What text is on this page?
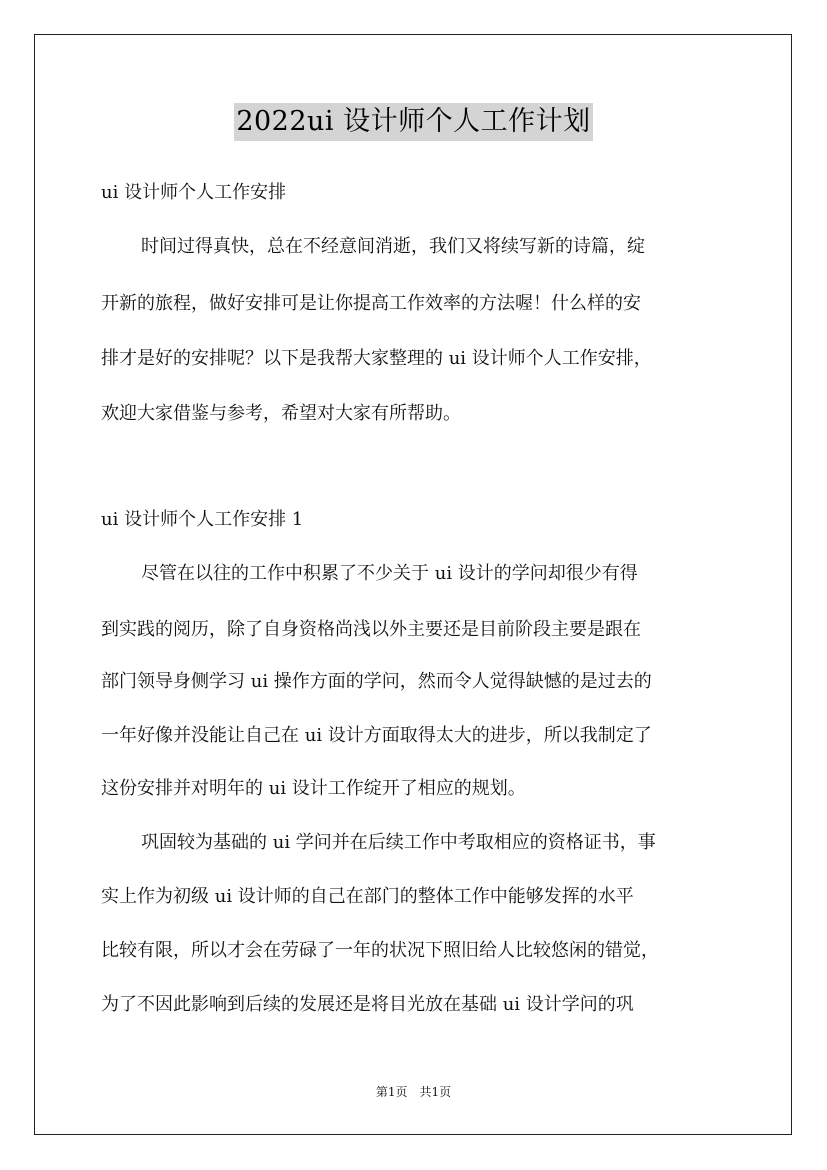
2022ui 设计师个人工作计划
ui 设计师个人工作安排
时间过得真快，总在不经意间消逝，我们又将续写新的诗篇，绽
开新的旅程，做好安排可是让你提高工作效率的方法喔！什么样的安
排才是好的安排呢？以下是我帮大家整理的 ui 设计师个人工作安排，
欢迎大家借鉴与参考，希望对大家有所帮助。
ui 设计师个人工作安排 1
尽管在以往的工作中积累了不少关于 ui 设计的学问却很少有得
到实践的阅历，除了自身资格尚浅以外主要还是目前阶段主要是跟在
部门领导身侧学习 ui 操作方面的学问，然而令人觉得缺憾的是过去的
一年好像并没能让自己在 ui 设计方面取得太大的进步，所以我制定了
这份安排并对明年的 ui 设计工作绽开了相应的规划。
巩固较为基础的 ui 学问并在后续工作中考取相应的资格证书，事
实上作为初级 ui 设计师的自己在部门的整体工作中能够发挥的水平
比较有限，所以才会在劳碌了一年的状况下照旧给人比较悠闲的错觉，
为了不因此影响到后续的发展还是将目光放在基础 ui 设计学问的巩
第1页　共1页
